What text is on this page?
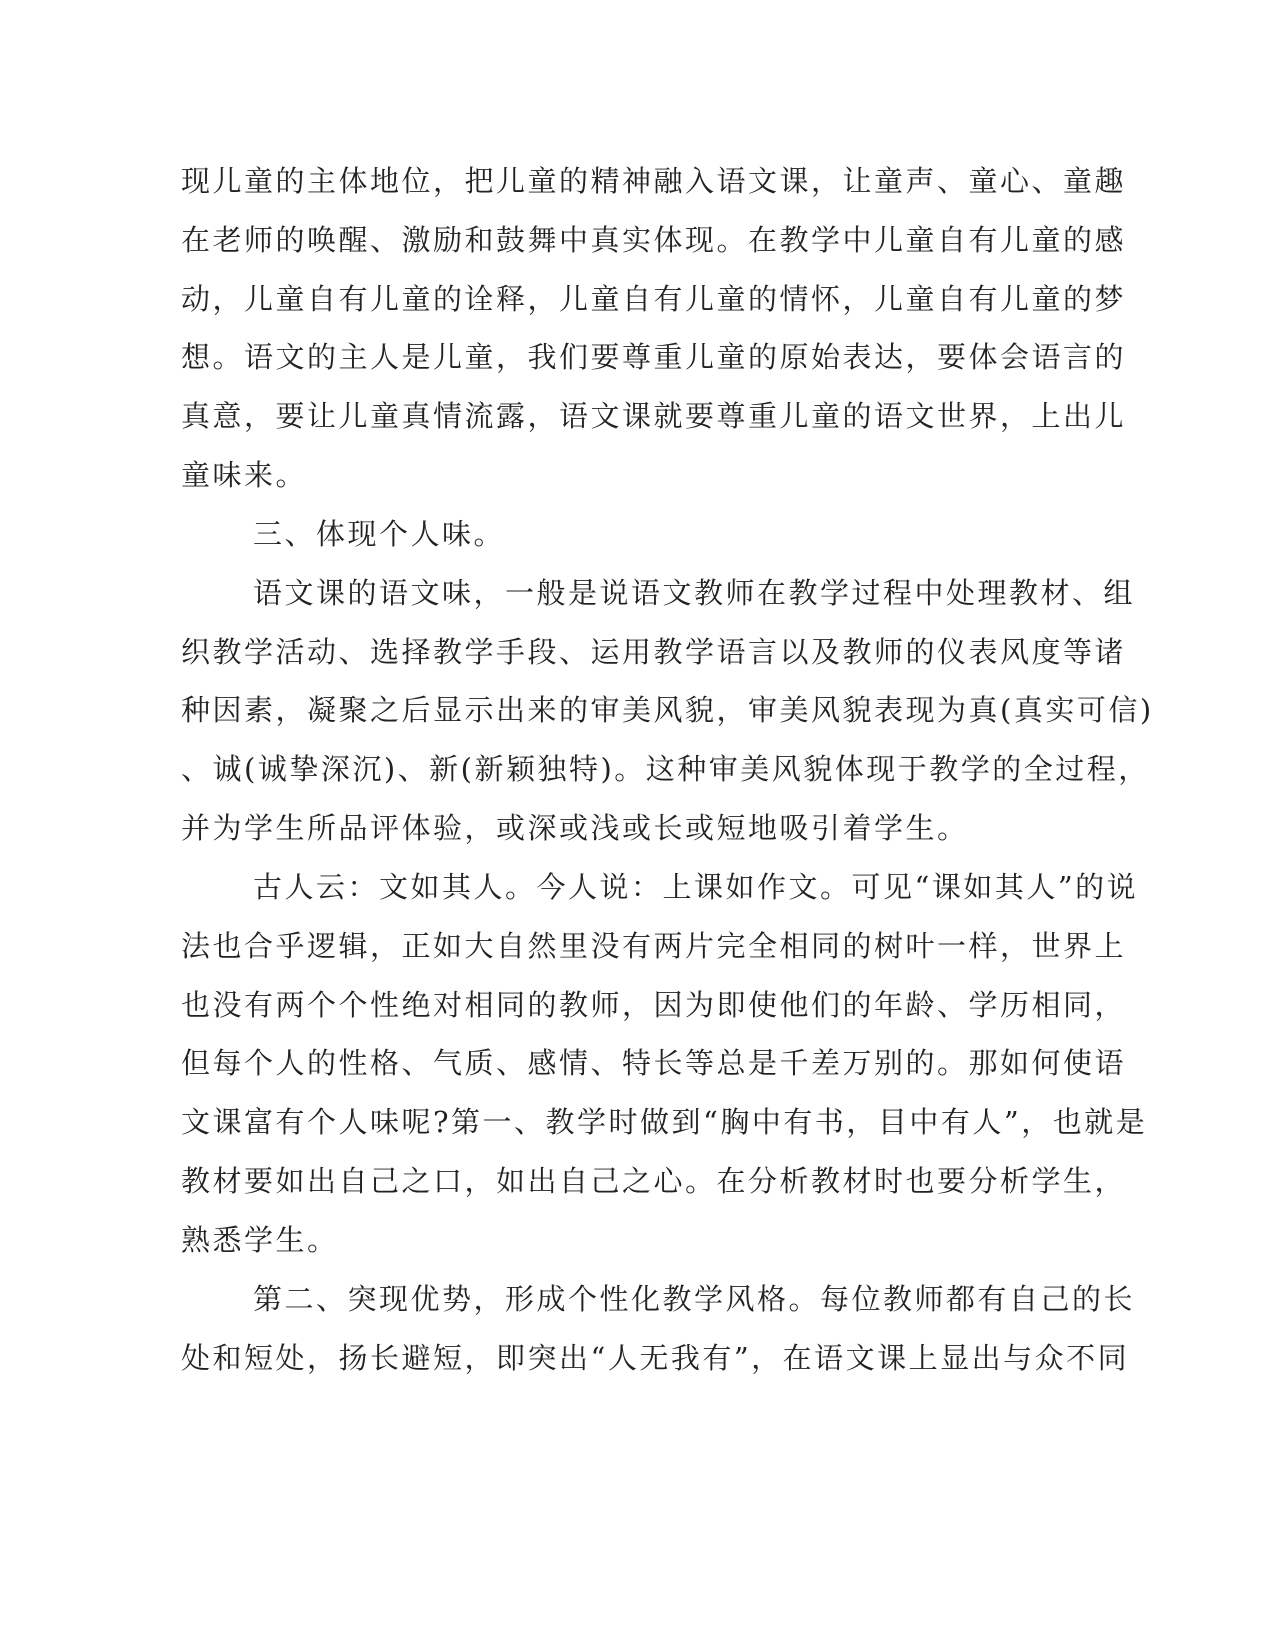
现儿童的主体地位，把儿童的精神融入语文课，让童声、童心、童趣
在老师的唤醒、激励和鼓舞中真实体现。在教学中儿童自有儿童的感
动，儿童自有儿童的诠释，儿童自有儿童的情怀，儿童自有儿童的梦
想。语文的主人是儿童，我们要尊重儿童的原始表达，要体会语言的
真意，要让儿童真情流露，语文课就要尊重儿童的语文世界，上出儿
童味来。
三、体现个人味。
语文课的语文味，一般是说语文教师在教学过程中处理教材、组
织教学活动、选择教学手段、运用教学语言以及教师的仪表风度等诸
种因素，凝聚之后显示出来的审美风貌，审美风貌表现为真(真实可信)
、诚(诚挚深沉)、新(新颖独特)。这种审美风貌体现于教学的全过程，
并为学生所品评体验，或深或浅或长或短地吸引着学生。
古人云：文如其人。今人说：上课如作文。可见“课如其人”的说
法也合乎逻辑，正如大自然里没有两片完全相同的树叶一样，世界上
也没有两个个性绝对相同的教师，因为即使他们的年龄、学历相同，
但每个人的性格、气质、感情、特长等总是千差万别的。那如何使语
文课富有个人味呢?第一、教学时做到“胸中有书，目中有人”，也就是
教材要如出自己之口，如出自己之心。在分析教材时也要分析学生，
熟悉学生。
第二、突现优势，形成个性化教学风格。每位教师都有自己的长
处和短处，扬长避短，即突出“人无我有”，在语文课上显出与众不同
